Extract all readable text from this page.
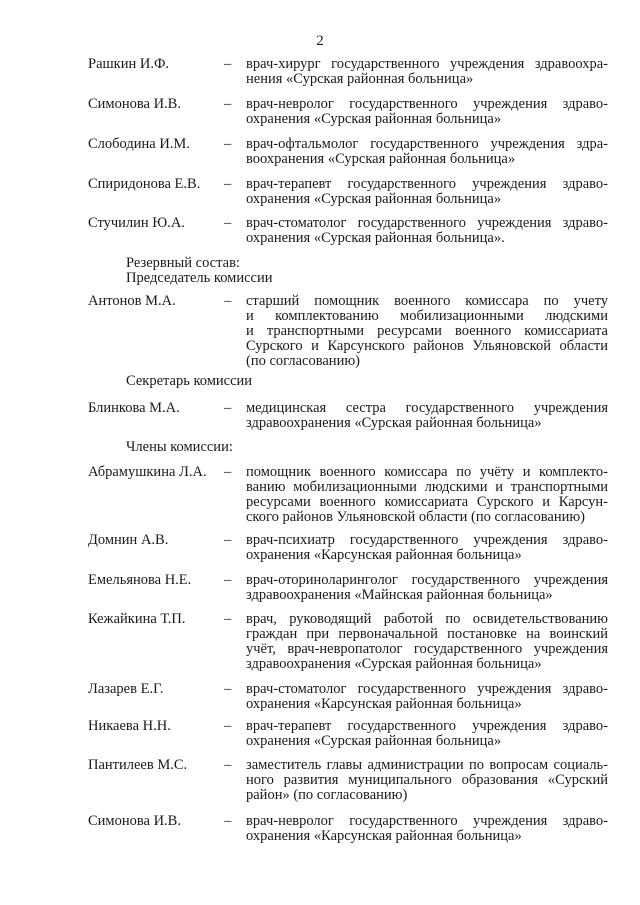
2
Рашкин И.Ф.	– врач-хирург государственного учреждения здравоохра-
нения «Сурская районная больница»
Симонова И.В.	– врач-невролог государственного учреждения здраво-
охранения «Сурская районная больница»
Слободина И.М. – врач-офтальмолог государственного учреждения здра-
воохранения «Сурская районная больница»
Спиридонова Е.В. – врач-терапевт государственного учреждения здраво-
охранения «Сурская районная больница»
Стучилин Ю.А.	– врач-стоматолог государственного учреждения здраво-
охранения «Сурская районная больница».
Резервный состав:
Председатель комиссии
Антонов М.А.	– старший помощник военного комиссара по учету
и комплектованию мобилизационными людскими
и транспортными ресурсами военного комиссариата
Сурского и Карсунского районов Ульяновской области
(по согласованию)
Секретарь комиссии
Блинкова М.А.	– медицинская сестра государственного учреждения
здравоохранения «Сурская районная больница»
Члены комиссии:
Абрамушкина Л.А. – помощник военного комиссара по учёту и комплекто-
ванию мобилизационными людскими и транспортными
ресурсами военного комиссариата Сурского и Карсун-
ского районов Ульяновской области (по согласованию)
Домнин А.В.	– врач-психиатр государственного учреждения здраво-
охранения «Карсунская районная больница»
Емельянова Н.Е. – врач-оториноларинголог государственного учреждения
здравоохранения «Майнская районная больница»
Кежайкина Т.П.	– врач, руководящий работой по освидетельствованию
граждан при первоначальной постановке на воинский
учёт, врач-невропатолог государственного учреждения
здравоохранения «Сурская районная больница»
Лазарев Е.Г.	– врач-стоматолог государственного учреждения здраво-
охранения «Карсунская районная больница»
Никаева Н.Н.	– врач-терапевт государственного учреждения здраво-
охранения «Сурская районная больница»
Пантилеев М.С.	– заместитель главы администрации по вопросам социаль-
ного развития муниципального образования «Сурский
район» (по согласованию)
Симонова И.В.	– врач-невролог государственного учреждения здраво-
охранения «Карсунская районная больница»
